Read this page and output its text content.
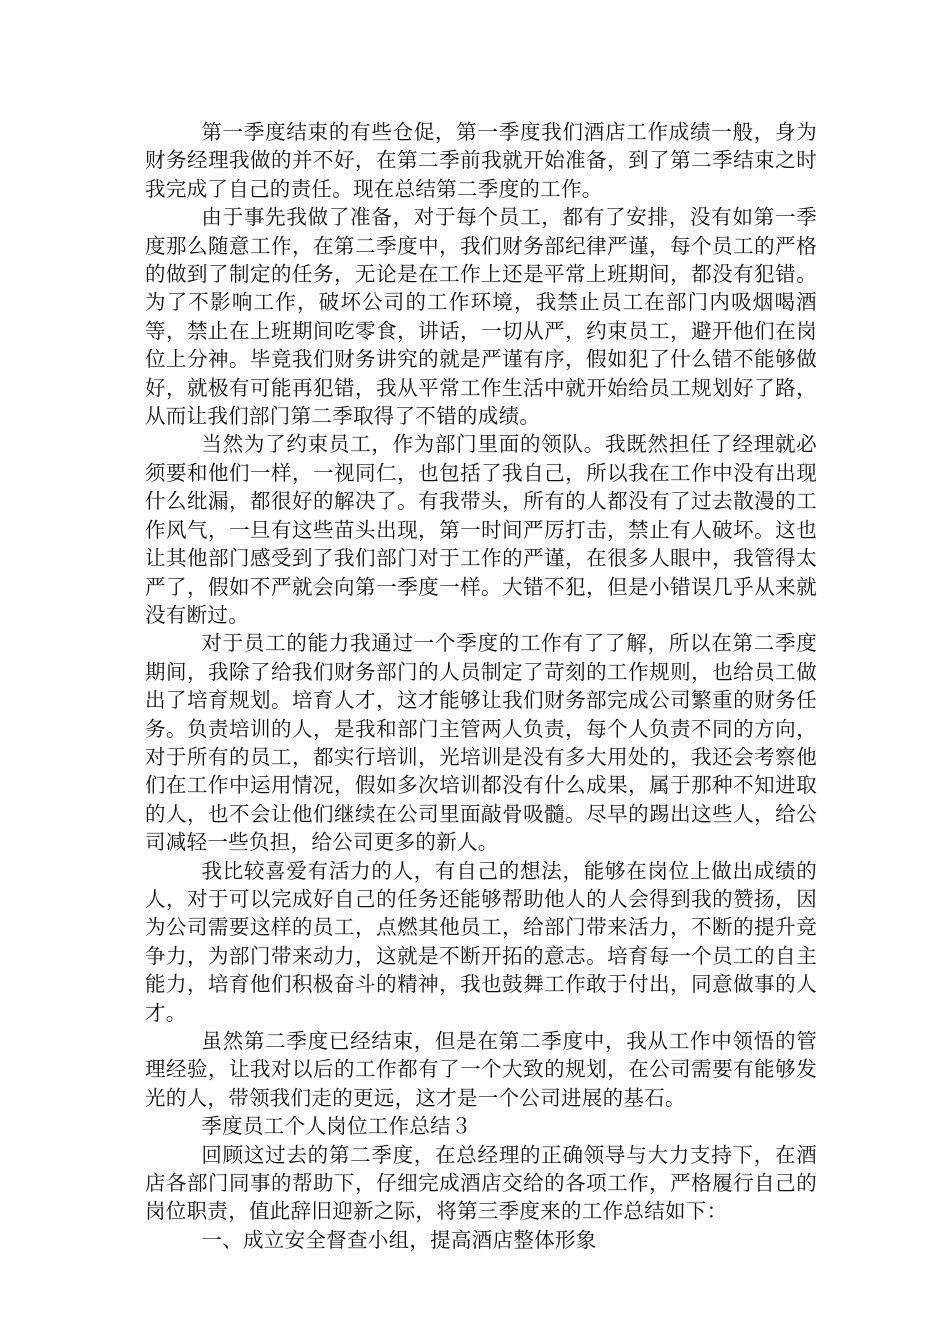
第一季度结束的有些仓促，第一季度我们酒店工作成绩一般，身为财务经理我做的并不好，在第二季前我就开始准备，到了第二季结束之时我完成了自己的责任。现在总结第二季度的工作。

由于事先我做了准备，对于每个员工，都有了安排，没有如第一季度那么随意工作，在第二季度中，我们财务部纪律严谨，每个员工的严格的做到了制定的任务，无论是在工作上还是平常上班期间，都没有犯错。为了不影响工作，破坏公司的工作环境，我禁止员工在部门内吸烟喝酒等，禁止在上班期间吃零食，讲话，一切从严，约束员工，避开他们在岗位上分神。毕竟我们财务讲究的就是严谨有序，假如犯了什么错不能够做好，就极有可能再犯错，我从平常工作生活中就开始给员工规划好了路，从而让我们部门第二季取得了不错的成绩。

当然为了约束员工，作为部门里面的领队。我既然担任了经理就必须要和他们一样，一视同仁，也包括了我自己，所以我在工作中没有出现什么纰漏，都很好的解决了。有我带头，所有的人都没有了过去散漫的工作风气，一旦有这些苗头出现，第一时间严厉打击，禁止有人破坏。这也让其他部门感受到了我们部门对于工作的严谨，在很多人眼中，我管得太严了，假如不严就会向第一季度一样。大错不犯，但是小错误几乎从来就没有断过。

对于员工的能力我通过一个季度的工作有了了解，所以在第二季度期间，我除了给我们财务部门的人员制定了苛刻的工作规则，也给员工做出了培育规划。培育人才，这才能够让我们财务部完成公司繁重的财务任务。负责培训的人，是我和部门主管两人负责，每个人负责不同的方向，对于所有的员工，都实行培训，光培训是没有多大用处的，我还会考察他们在工作中运用情况，假如多次培训都没有什么成果，属于那种不知进取的人，也不会让他们继续在公司里面敲骨吸髓。尽早的踢出这些人，给公司减轻一些负担，给公司更多的新人。

我比较喜爱有活力的人，有自己的想法，能够在岗位上做出成绩的人，对于可以完成好自己的任务还能够帮助他人的人会得到我的赞扬，因为公司需要这样的员工，点燃其他员工，给部门带来活力，不断的提升竞争力，为部门带来动力，这就是不断开拓的意志。培育每一个员工的自主能力，培育他们积极奋斗的精神，我也鼓舞工作敢于付出，同意做事的人才。

虽然第二季度已经结束，但是在第二季度中，我从工作中领悟的管理经验，让我对以后的工作都有了一个大致的规划，在公司需要有能够发光的人，带领我们走的更远，这才是一个公司进展的基石。

季度员工个人岗位工作总结３

回顾这过去的第二季度，在总经理的正确领导与大力支持下，在酒店各部门同事的帮助下，仔细完成酒店交给的各项工作，严格履行自己的岗位职责，值此辞旧迎新之际，将第三季度来的工作总结如下：

一、成立安全督查小组，提高酒店整体形象
